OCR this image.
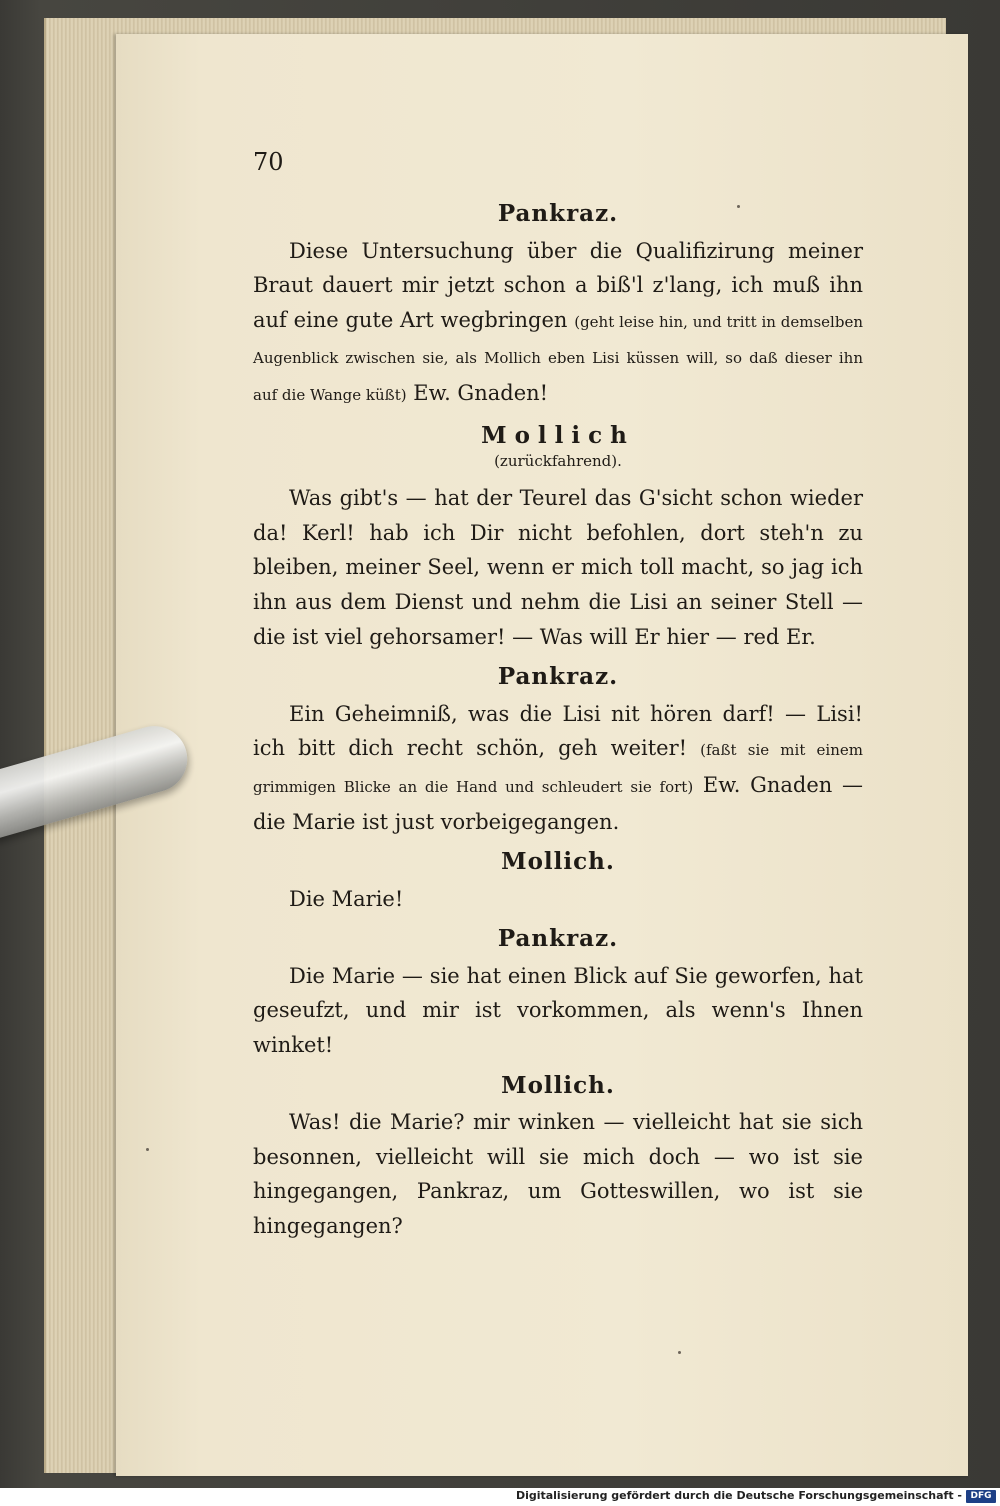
70
Pankraz.

Diese Untersuchung über die Qualifizirung meiner Braut dauert mir jetzt schon a biß'l z'lang, ich muß ihn auf eine gute Art wegbringen (geht leise hin, und tritt in demselben Augenblick zwischen sie, als Mollich eben Lisi küssen will, so daß dieser ihn auf die Wange küßt) Ew. Gnaden!

Mollich
(zurückfahrend).

Was gibt's — hat der Teurel das G'sicht schon wieder da! Kerl! hab ich Dir nicht befohlen, dort steh'n zu bleiben, meiner Seel, wenn er mich toll macht, so jag ich ihn aus dem Dienst und nehm die Lisi an seiner Stell — die ist viel gehorsamer! — Was will Er hier — red Er.

Pankraz.

Ein Geheimniß, was die Lisi nit hören darf! — Lisi! ich bitt dich recht schön, geh weiter! (faßt sie mit einem grimmigen Blicke an die Hand und schleudert sie fort) Ew. Gnaden — die Marie ist just vorbeigegangen.

Mollich.

Die Marie!

Pankraz.

Die Marie — sie hat einen Blick auf Sie geworfen, hat geseufzt, und mir ist vorkommen, als wenn's Ihnen winket!

Mollich.

Was! die Marie? mir winken — vielleicht hat sie sich besonnen, vielleicht will sie mich doch — wo ist sie hingegangen, Pankraz, um Gotteswillen, wo ist sie hingegangen?

Digitalisierung gefördert durch die Deutsche Forschungsgemeinschaft - DFG
